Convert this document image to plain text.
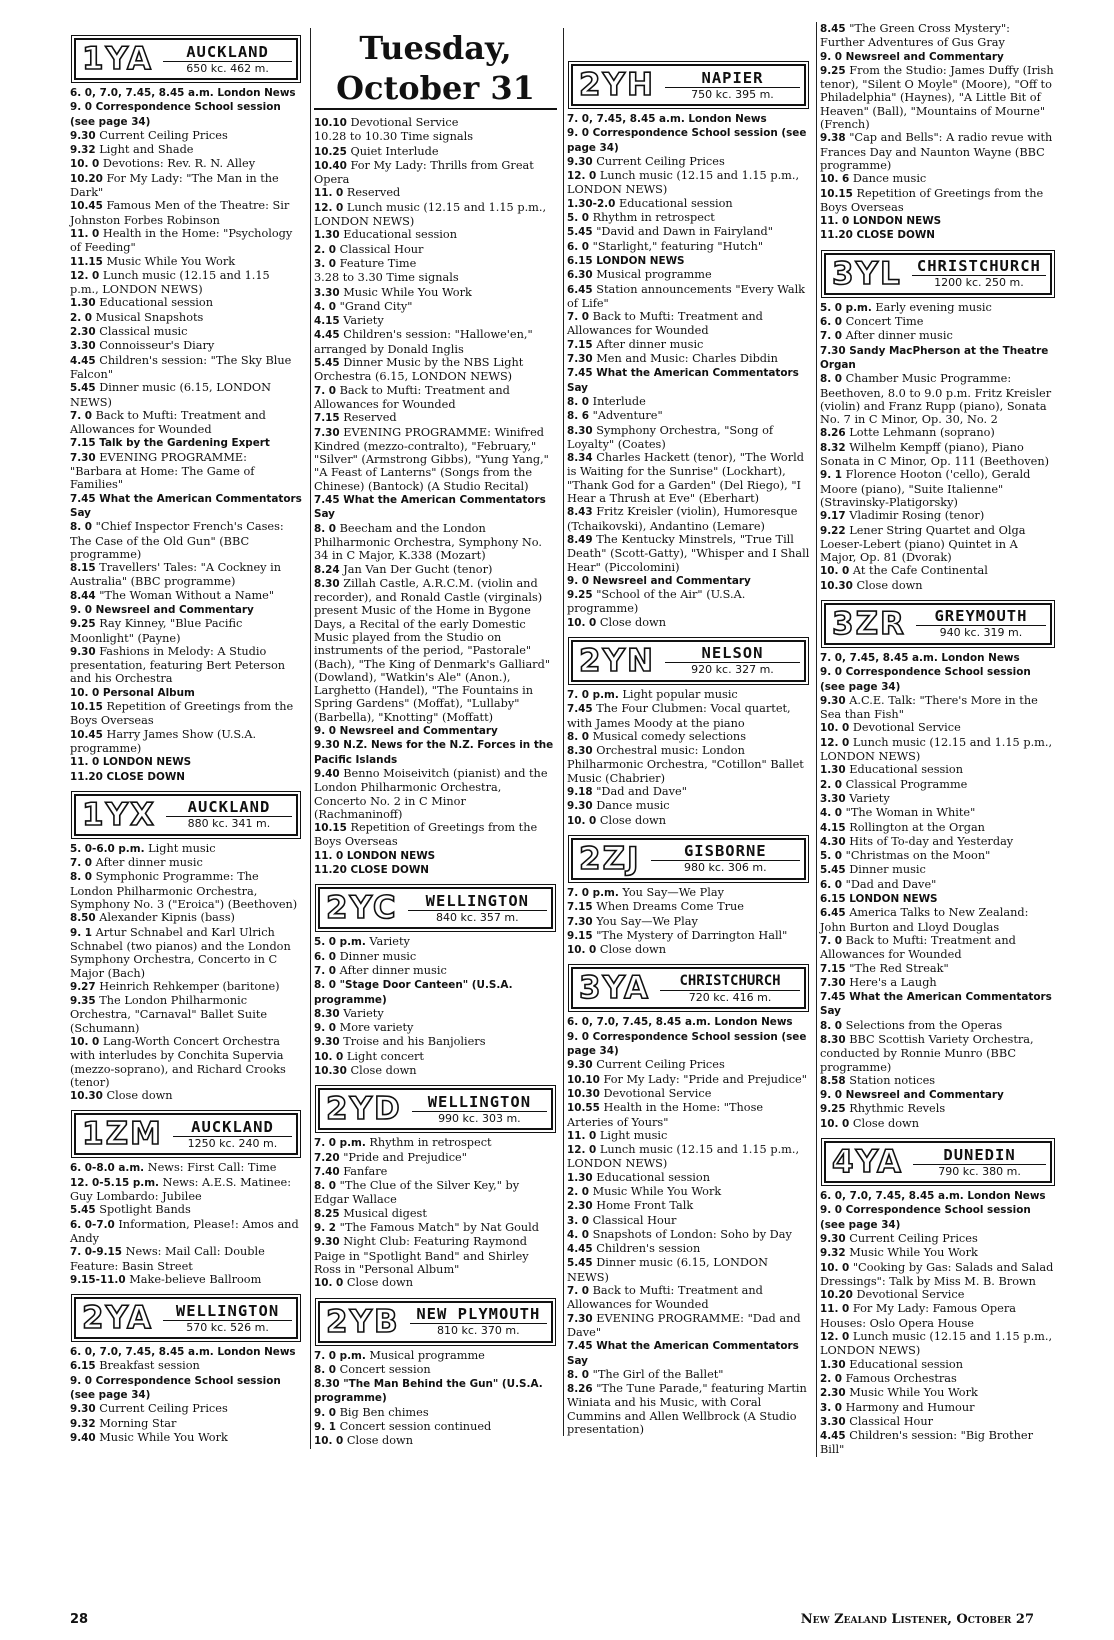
1YA	AUCKLAND
650 kc. 462 m.

6. 0, 7.0, 7.45, 8.45 a.m. London News

9. 0 Correspondence School session (see page 34)

9.30 Current Ceiling Prices

9.32 Light and Shade

10. 0 Devotions: Rev. R. N. Alley

10.20 For My Lady: "The Man in the Dark"

10.45 Famous Men of the Theatre: Sir Johnston Forbes Robinson

11. 0 Health in the Home: "Psychology of Feeding"

11.15 Music While You Work

12. 0 Lunch music (12.15 and 1.15 p.m., LONDON NEWS)

1.30 Educational session

2. 0 Musical Snapshots

2.30 Classical music

3.30 Connoisseur's Diary

4.45 Children's session: "The Sky Blue Falcon"

5.45 Dinner music (6.15, LONDON NEWS)

7. 0 Back to Mufti: Treatment and Allowances for Wounded

7.15 Talk by the Gardening Expert

7.30 EVENING PROGRAMME: "Barbara at Home: The Game of Families"

7.45 What the American Commentators Say

8. 0 "Chief Inspector French's Cases: The Case of the Old Gun" (BBC programme)

8.15 Travellers' Tales: "A Cockney in Australia" (BBC programme)

8.44 "The Woman Without a Name"

9. 0 Newsreel and Commentary

9.25 Ray Kinney, "Blue Pacific Moonlight" (Payne)

9.30 Fashions in Melody: A Studio presentation, featuring Bert Peterson and his Orchestra

10. 0 Personal Album

10.15 Repetition of Greetings from the Boys Overseas

10.45 Harry James Show (U.S.A. programme)

11. 0 LONDON NEWS

11.20 CLOSE DOWN

1YX	AUCKLAND
880 kc. 341 m.

5. 0-6.0 p.m. Light music

7. 0 After dinner music

8. 0 Symphonic Programme: The London Philharmonic Orchestra, Symphony No. 3 ("Eroica") (Beethoven)

8.50 Alexander Kipnis (bass)

9. 1 Artur Schnabel and Karl Ulrich Schnabel (two pianos) and the London Symphony Orchestra, Concerto in C Major (Bach)

9.27 Heinrich Rehkemper (baritone)

9.35 The London Philharmonic Orchestra, "Carnaval" Ballet Suite (Schumann)

10. 0 Lang-Worth Concert Orchestra with interludes by Conchita Supervia (mezzo-soprano), and Richard Crooks (tenor)

10.30 Close down

1ZM	AUCKLAND
1250 kc. 240 m.

6. 0-8.0 a.m. News: First Call: Time

12. 0-5.15 p.m. News: A.E.S. Matinee: Guy Lombardo: Jubilee

5.45 Spotlight Bands

6. 0-7.0 Information, Please!: Amos and Andy

7. 0-9.15 News: Mail Call: Double Feature: Basin Street

9.15-11.0 Make-believe Ballroom

2YA	WELLINGTON
570 kc. 526 m.

6. 0, 7.0, 7.45, 8.45 a.m. London News

6.15 Breakfast session

9. 0 Correspondence School session (see page 34)

9.30 Current Ceiling Prices

9.32 Morning Star

9.40 Music While You Work

Tuesday, October 31

10.10 Devotional Service

10.28 to 10.30 Time signals

10.25 Quiet Interlude

10.40 For My Lady: Thrills from Great Opera

11. 0 Reserved

12. 0 Lunch music (12.15 and 1.15 p.m., LONDON NEWS)

1.30 Educational session

2. 0 Classical Hour

3. 0 Feature Time

3.28 to 3.30 Time signals

3.30 Music While You Work

4. 0 "Grand City"

4.15 Variety

4.45 Children's session: "Hallowe'en," arranged by Donald Inglis

5.45 Dinner Music by the NBS Light Orchestra (6.15, LONDON NEWS)

7. 0 Back to Mufti: Treatment and Allowances for Wounded

7.15 Reserved

7.30 EVENING PROGRAMME: Winifred Kindred (mezzo-contralto), "February," "Silver" (Armstrong Gibbs), "Yung Yang," "A Feast of Lanterns" (Songs from the Chinese) (Bantock) (A Studio Recital)

7.45 What the American Commentators Say

8. 0 Beecham and the London Philharmonic Orchestra, Symphony No. 34 in C Major, K.338 (Mozart)

8.24 Jan Van Der Gucht (tenor)

8.30 Zillah Castle, A.R.C.M. (violin and recorder), and Ronald Castle (virginals) present Music of the Home in Bygone Days, a Recital of the early Domestic Music played from the Studio on instruments of the period, "Pastorale" (Bach), "The King of Denmark's Galliard" (Dowland), "Watkin's Ale" (Anon.), Larghetto (Handel), "The Fountains in Spring Gardens" (Moffat), "Lullaby" (Barbella), "Knotting" (Moffatt)

9. 0 Newsreel and Commentary

9.30 N.Z. News for the N.Z. Forces in the Pacific Islands

9.40 Benno Moiseivitch (pianist) and the London Philharmonic Orchestra, Concerto No. 2 in C Minor (Rachmaninoff)

10.15 Repetition of Greetings from the Boys Overseas

11. 0 LONDON NEWS

11.20 CLOSE DOWN

2YC	WELLINGTON
840 kc. 357 m.

5. 0 p.m. Variety

6. 0 Dinner music

7. 0 After dinner music

8. 0 "Stage Door Canteen" (U.S.A. programme)

8.30 Variety

9. 0 More variety

9.30 Troise and his Banjoliers

10. 0 Light concert

10.30 Close down

2YD	WELLINGTON
990 kc. 303 m.

7. 0 p.m. Rhythm in retrospect

7.20 "Pride and Prejudice"

7.40 Fanfare

8. 0 "The Clue of the Silver Key," by Edgar Wallace

8.25 Musical digest

9. 2 "The Famous Match" by Nat Gould

9.30 Night Club: Featuring Raymond Paige in "Spotlight Band" and Shirley Ross in "Personal Album"

10. 0 Close down

2YB	NEW PLYMOUTH
810 kc. 370 m.

7. 0 p.m. Musical programme

8. 0 Concert session

8.30 "The Man Behind the Gun" (U.S.A. programme)

9. 0 Big Ben chimes

9. 1 Concert session continued

10. 0 Close down

2YH	NAPIER
750 kc. 395 m.

7. 0, 7.45, 8.45 a.m. London News

9. 0 Correspondence School session (see page 34)

9.30 Current Ceiling Prices

12. 0 Lunch music (12.15 and 1.15 p.m., LONDON NEWS)

1.30-2.0 Educational session

5. 0 Rhythm in retrospect

5.45 "David and Dawn in Fairyland"

6. 0 "Starlight," featuring "Hutch"

6.15 LONDON NEWS

6.30 Musical programme

6.45 Station announcements "Every Walk of Life"

7. 0 Back to Mufti: Treatment and Allowances for Wounded

7.15 After dinner music

7.30 Men and Music: Charles Dibdin

7.45 What the American Commentators Say

8. 0 Interlude

8. 6 "Adventure"

8.30 Symphony Orchestra, "Song of Loyalty" (Coates)

8.34 Charles Hackett (tenor), "The World is Waiting for the Sunrise" (Lockhart), "Thank God for a Garden" (Del Riego), "I Hear a Thrush at Eve" (Eberhart)

8.43 Fritz Kreisler (violin), Humoresque (Tchaikovski), Andantino (Lemare)

8.49 The Kentucky Minstrels, "True Till Death" (Scott-Gatty), "Whisper and I Shall Hear" (Piccolomini)

9. 0 Newsreel and Commentary

9.25 "School of the Air" (U.S.A. programme)

10. 0 Close down

2YN	NELSON
920 kc. 327 m.

7. 0 p.m. Light popular music

7.45 The Four Clubmen: Vocal quartet, with James Moody at the piano

8. 0 Musical comedy selections

8.30 Orchestral music: London Philharmonic Orchestra, "Cotillon" Ballet Music (Chabrier)

9.18 "Dad and Dave"

9.30 Dance music

10. 0 Close down

2ZJ	GISBORNE
980 kc. 306 m.

7. 0 p.m. You Say—We Play

7.15 When Dreams Come True

7.30 You Say—We Play

9.15 "The Mystery of Darrington Hall"

10. 0 Close down

3YA	CHRISTCHURCH
720 kc. 416 m.

6. 0, 7.0, 7.45, 8.45 a.m. London News

9. 0 Correspondence School session (see page 34)

9.30 Current Ceiling Prices

10.10 For My Lady: "Pride and Prejudice"

10.30 Devotional Service

10.55 Health in the Home: "Those Arteries of Yours"

11. 0 Light music

12. 0 Lunch music (12.15 and 1.15 p.m., LONDON NEWS)

1.30 Educational session

2. 0 Music While You Work

2.30 Home Front Talk

3. 0 Classical Hour

4. 0 Snapshots of London: Soho by Day

4.45 Children's session

5.45 Dinner music (6.15, LONDON NEWS)

7. 0 Back to Mufti: Treatment and Allowances for Wounded

7.30 EVENING PROGRAMME: "Dad and Dave"

7.45 What the American Commentators Say

8. 0 "The Girl of the Ballet"

8.26 "The Tune Parade," featuring Martin Winiata and his Music, with Coral Cummins and Allen Wellbrock (A Studio presentation)

8.45 "The Green Cross Mystery": Further Adventures of Gus Gray

9. 0 Newsreel and Commentary

9.25 From the Studio: James Duffy (Irish tenor), "Silent O Moyle" (Moore), "Off to Philadelphia" (Haynes), "A Little Bit of Heaven" (Ball), "Mountains of Mourne" (French)

9.38 "Cap and Bells": A radio revue with Frances Day and Naunton Wayne (BBC programme)

10. 6 Dance music

10.15 Repetition of Greetings from the Boys Overseas

11. 0 LONDON NEWS

11.20 CLOSE DOWN

3YL CHRISTCHURCH
1200 kc. 250 m.

5. 0 p.m. Early evening music

6. 0 Concert Time

7. 0 After dinner music

7.30 Sandy MacPherson at the Theatre Organ

8. 0 Chamber Music Programme: Beethoven, 8.0 to 9.0 p.m. Fritz Kreisler (violin) and Franz Rupp (piano), Sonata No. 7 in C Minor, Op. 30, No. 2

8.26 Lotte Lehmann (soprano)

8.32 Wilhelm Kempff (piano), Piano Sonata in C Minor, Op. 111 (Beethoven)

9. 1 Florence Hooton ('cello), Gerald Moore (piano), "Suite Italienne" (Stravinsky-Platigorsky)

9.17 Vladimir Rosing (tenor)

9.22 Lener String Quartet and Olga Loeser-Lebert (piano) Quintet in A Major, Op. 81 (Dvorak)

10. 0 At the Cafe Continental

10.30 Close down

3ZR	GREYMOUTH
940 kc. 319 m.

7. 0, 7.45, 8.45 a.m. London News

9. 0 Correspondence School session (see page 34)

9.30 A.C.E. Talk: "There's More in the Sea than Fish"

10. 0 Devotional Service

12. 0 Lunch music (12.15 and 1.15 p.m., LONDON NEWS)

1.30 Educational session

2. 0 Classical Programme

3.30 Variety

4. 0 "The Woman in White"

4.15 Rollington at the Organ

4.30 Hits of To-day and Yesterday

5. 0 "Christmas on the Moon"

5.45 Dinner music

6. 0 "Dad and Dave"

6.15 LONDON NEWS

6.45 America Talks to New Zealand: John Burton and Lloyd Douglas

7. 0 Back to Mufti: Treatment and Allowances for Wounded

7.15 "The Red Streak"

7.30 Here's a Laugh

7.45 What the American Commentators Say

8. 0 Selections from the Operas

8.30 BBC Scottish Variety Orchestra, conducted by Ronnie Munro (BBC programme)

8.58 Station notices

9. 0 Newsreel and Commentary

9.25 Rhythmic Revels

10. 0 Close down

4YA	DUNEDIN
790 kc. 380 m.

6. 0, 7.0, 7.45, 8.45 a.m. London News

9. 0 Correspondence School session (see page 34)

9.30 Current Ceiling Prices

9.32 Music While You Work

10. 0 "Cooking by Gas: Salads and Salad Dressings": Talk by Miss M. B. Brown

10.20 Devotional Service

11. 0 For My Lady: Famous Opera Houses: Oslo Opera House

12. 0 Lunch music (12.15 and 1.15 p.m., LONDON NEWS)

1.30 Educational session

2. 0 Famous Orchestras

2.30 Music While You Work

3. 0 Harmony and Humour

3.30 Classical Hour

4.45 Children's session: "Big Brother Bill"

28	New Zealand Listener, October 27
